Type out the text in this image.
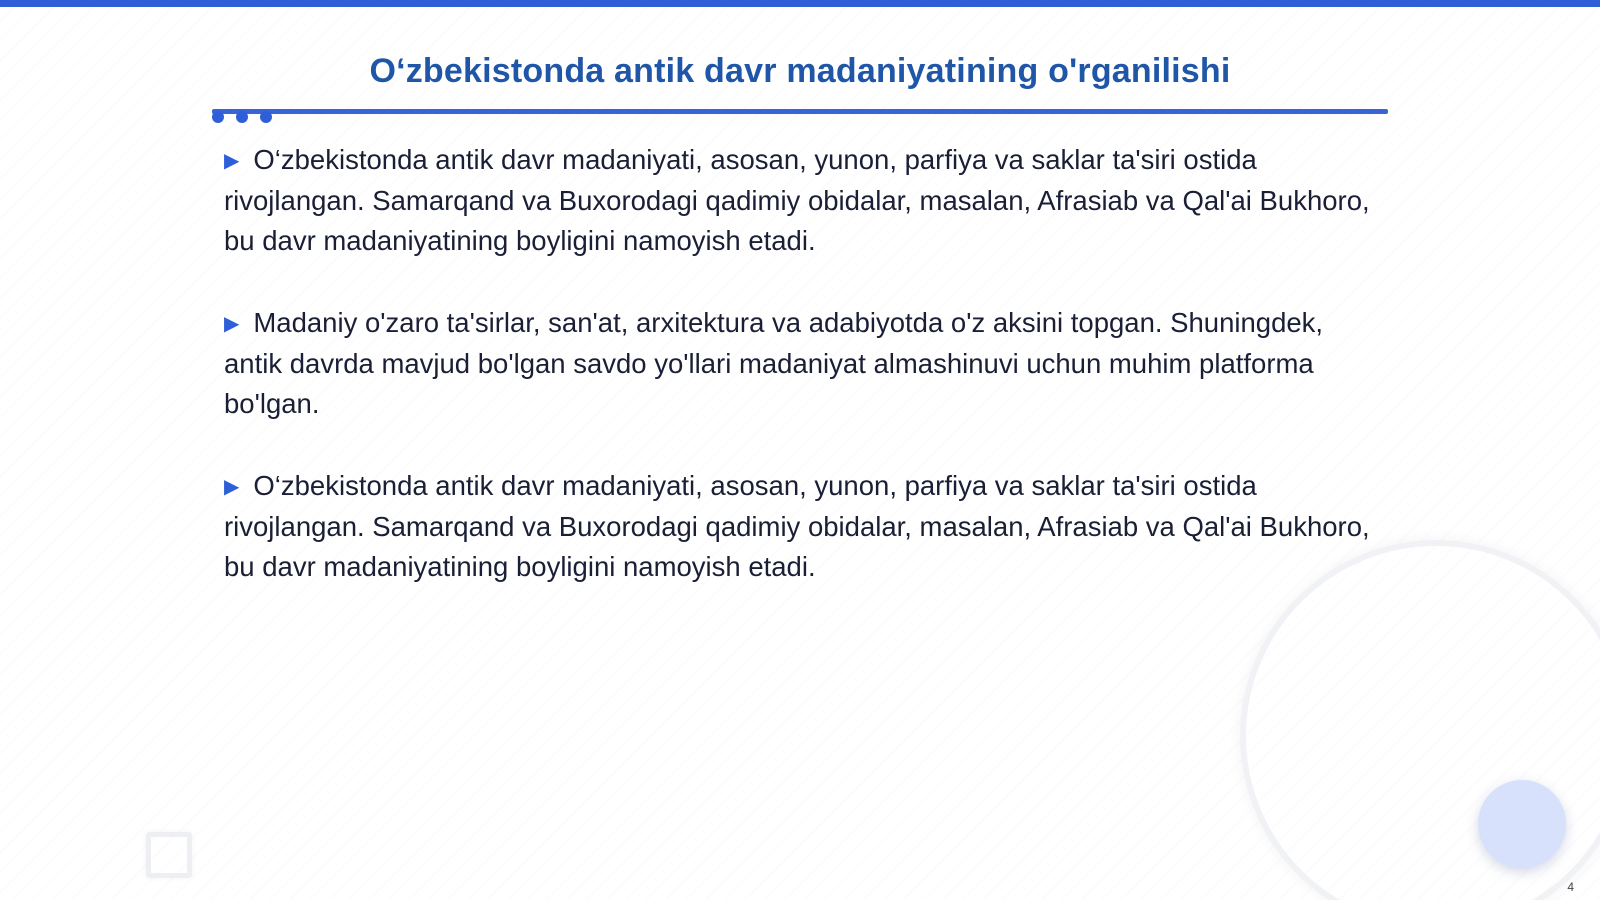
O‘zbekistonda antik davr madaniyatining o'rganilishi
▶ O‘zbekistonda antik davr madaniyati, asosan, yunon, parfiya va saklar ta'siri ostida rivojlangan. Samarqand va Buxorodagi qadimiy obidalar, masalan, Afrasiab va Qal'ai Bukhoro, bu davr madaniyatining boyligini namoyish etadi.
▶ Madaniy o'zaro ta'sirlar, san'at, arxitektura va adabiyotda o'z aksini topgan. Shuningdek, antik davrda mavjud bo'lgan savdo yo'llari madaniyat almashinuvi uchun muhim platforma bo'lgan.
▶ O‘zbekistonda antik davr madaniyati, asosan, yunon, parfiya va saklar ta'siri ostida rivojlangan. Samarqand va Buxorodagi qadimiy obidalar, masalan, Afrasiab va Qal'ai Bukhoro, bu davr madaniyatining boyligini namoyish etadi.
4
